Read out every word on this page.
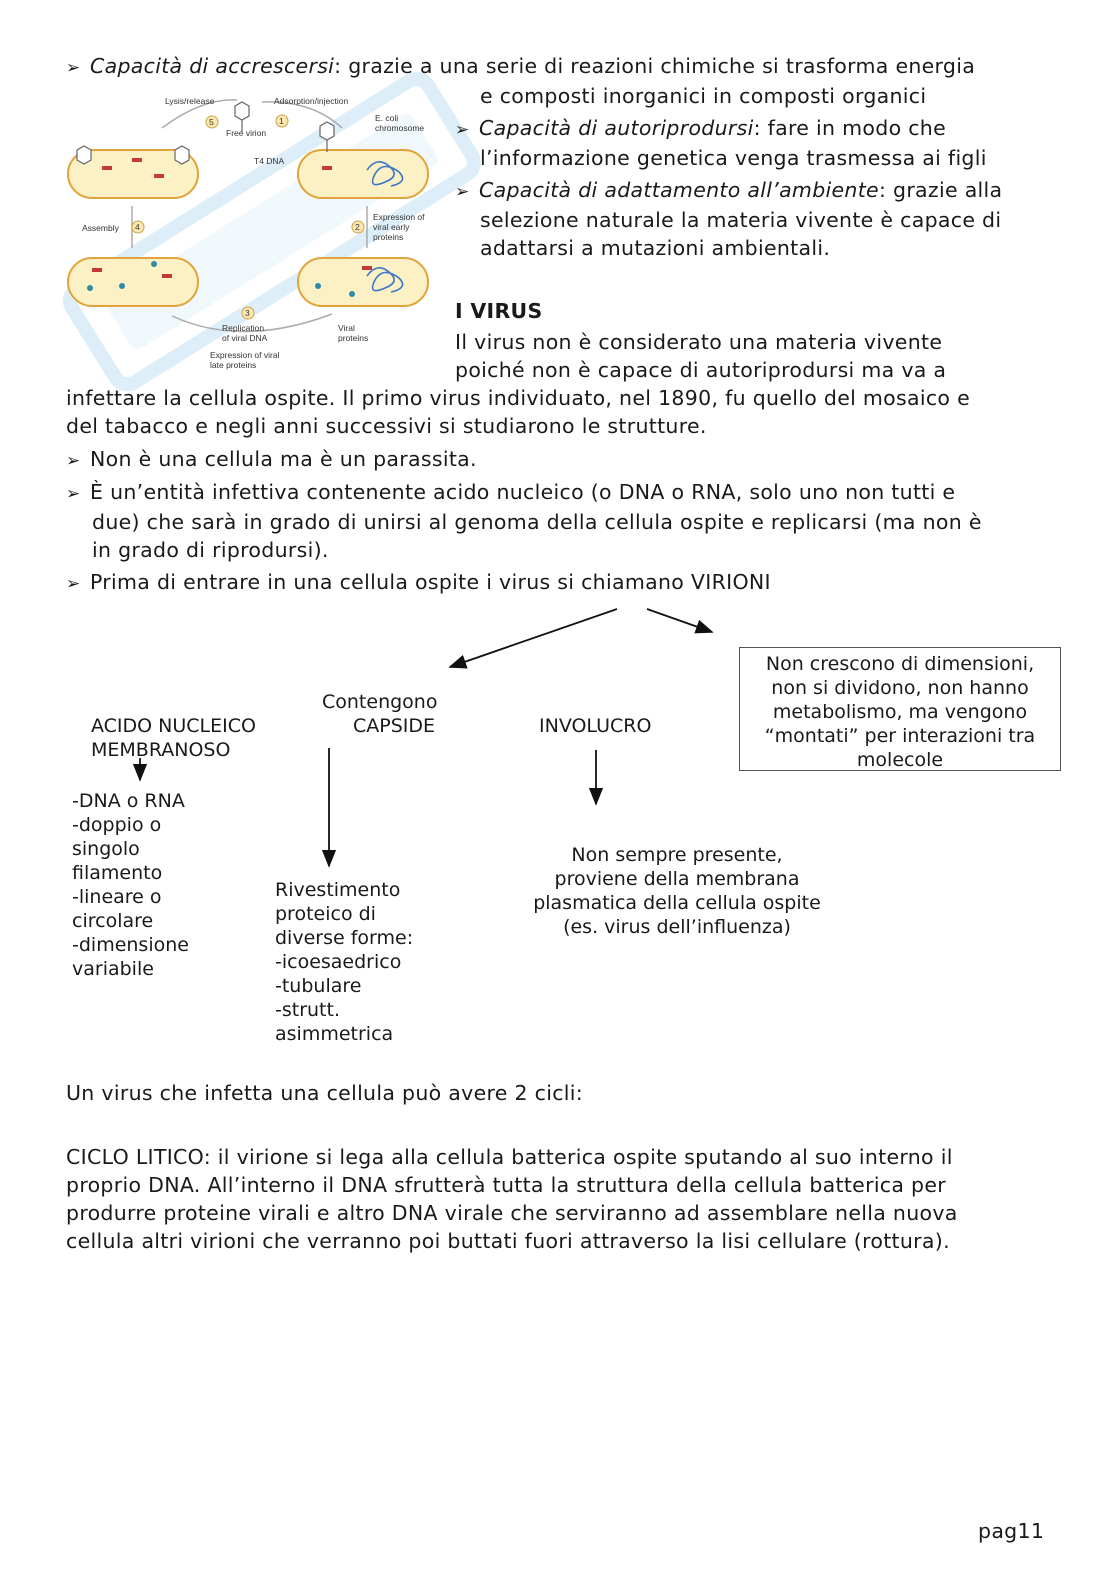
➢ Capacità di accrescersi: grazie a una serie di reazioni chimiche si trasforma energia
e composti inorganici in composti organici
➢ Capacità di autoriprodursi: fare in modo che
l’informazione genetica venga trasmessa ai figli
➢ Capacità di adattamento all’ambiente: grazie alla
selezione naturale la materia vivente è capace di
adattarsi a mutazioni ambientali.
5	1
2
4
3
Lysis/release	Adsorption/injection
Free virion
E. coli
chromosome
T4 DNA
Assembly
Expression of
viral early
proteins
Replication
of viral DNA
Viral
proteins
Expression of viral
late proteins
I VIRUS
Il virus non è considerato una materia vivente
poiché non è capace di autoriprodursi ma va a
infettare la cellula ospite. Il primo virus individuato, nel 1890, fu quello del mosaico e
del tabacco e negli anni successivi si studiarono le strutture.
➢ Non è una cellula ma è un parassita.
➢ È un’entità infettiva contenente acido nucleico (o DNA o RNA, solo uno non tutti e
due) che sarà in grado di unirsi al genoma della cellula ospite e replicarsi (ma non è
in grado di riprodursi).
➢ Prima di entrare in una cellula ospite i virus si chiamano VIRIONI
Non crescono di dimensioni,
non si dividono, non hanno
metabolismo, ma vengono
“montati” per interazioni tra
molecole
Contengono
CAPSIDE
ACIDO NUCLEICO
MEMBRANOSO
INVOLUCRO
-DNA o RNA
-doppio o
singolo
filamento
-lineare o
circolare
-dimensione
variabile
Rivestimento
proteico di
diverse forme:
-icoesaedrico
-tubulare
-strutt.
asimmetrica
Non sempre presente,
proviene della membrana
plasmatica della cellula ospite
(es. virus dell’influenza)
Un virus che infetta una cellula può avere 2 cicli:
CICLO LITICO: il virione si lega alla cellula batterica ospite sputando al suo interno il
proprio DNA. All’interno il DNA sfrutterà tutta la struttura della cellula batterica per
produrre proteine virali e altro DNA virale che serviranno ad assemblare nella nuova
cellula altri virioni che verranno poi buttati fuori attraverso la lisi cellulare (rottura).
pag11
